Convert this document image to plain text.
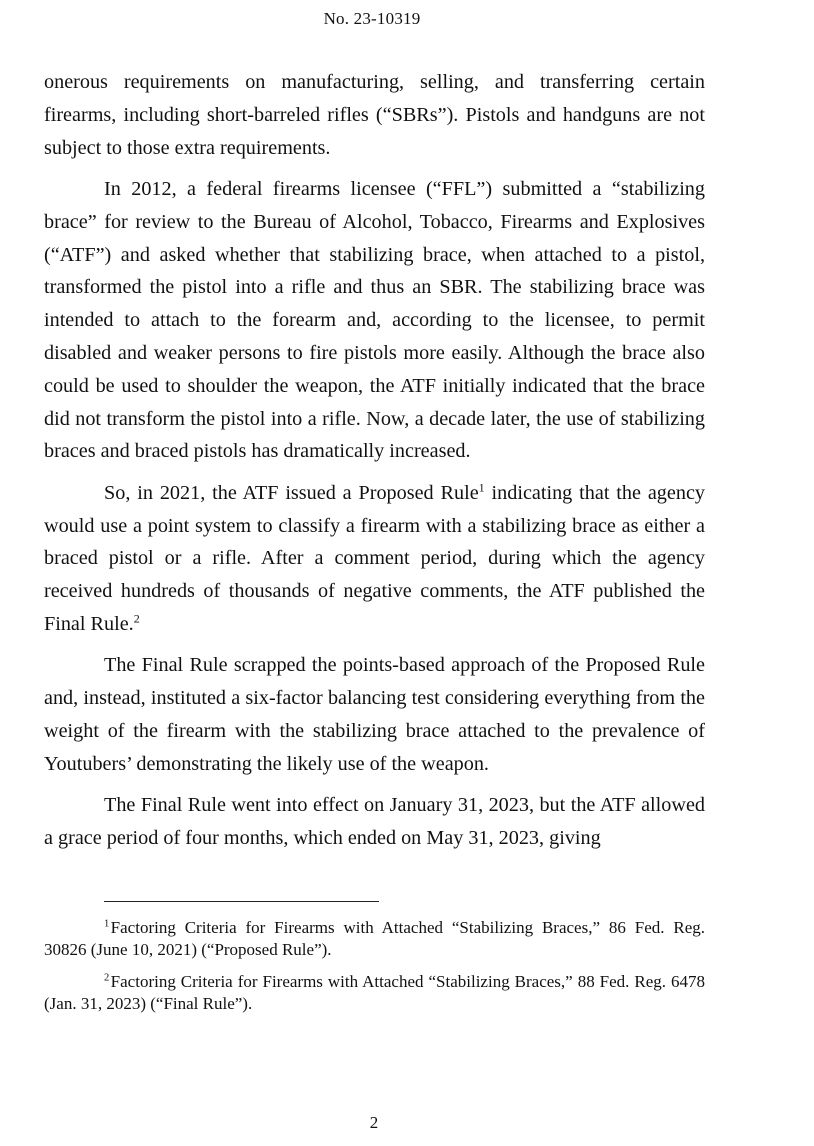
No. 23-10319

onerous requirements on manufacturing, selling, and transferring certain firearms, including short-barreled rifles (“SBRs”). Pistols and handguns are not subject to those extra requirements.

In 2012, a federal firearms licensee (“FFL”) submitted a “stabilizing brace” for review to the Bureau of Alcohol, Tobacco, Firearms and Explosives (“ATF”) and asked whether that stabilizing brace, when attached to a pistol, transformed the pistol into a rifle and thus an SBR. The stabilizing brace was intended to attach to the forearm and, according to the licensee, to permit disabled and weaker persons to fire pistols more easily. Although the brace also could be used to shoulder the weapon, the ATF initially indicated that the brace did not transform the pistol into a rifle. Now, a decade later, the use of stabilizing braces and braced pistols has dramatically increased.

So, in 2021, the ATF issued a Proposed Rule$^1$ indicating that the agency would use a point system to classify a firearm with a stabilizing brace as either a braced pistol or a rifle. After a comment period, during which the agency received hundreds of thousands of negative comments, the ATF published the Final Rule.$^2$

The Final Rule scrapped the points-based approach of the Proposed Rule and, instead, instituted a six-factor balancing test considering everything from the weight of the firearm with the stabilizing brace attached to the prevalence of Youtubers’ demonstrating the likely use of the weapon.

The Final Rule went into effect on January 31, 2023, but the ATF allowed a grace period of four months, which ended on May 31, 2023, giving

$^1$ Factoring Criteria for Firearms with Attached “Stabilizing Braces,” 86 Fed. Reg. 30826 (June 10, 2021) (“Proposed Rule”).

$^2$ Factoring Criteria for Firearms with Attached “Stabilizing Braces,” 88 Fed. Reg. 6478 (Jan. 31, 2023) (“Final Rule”).

2
